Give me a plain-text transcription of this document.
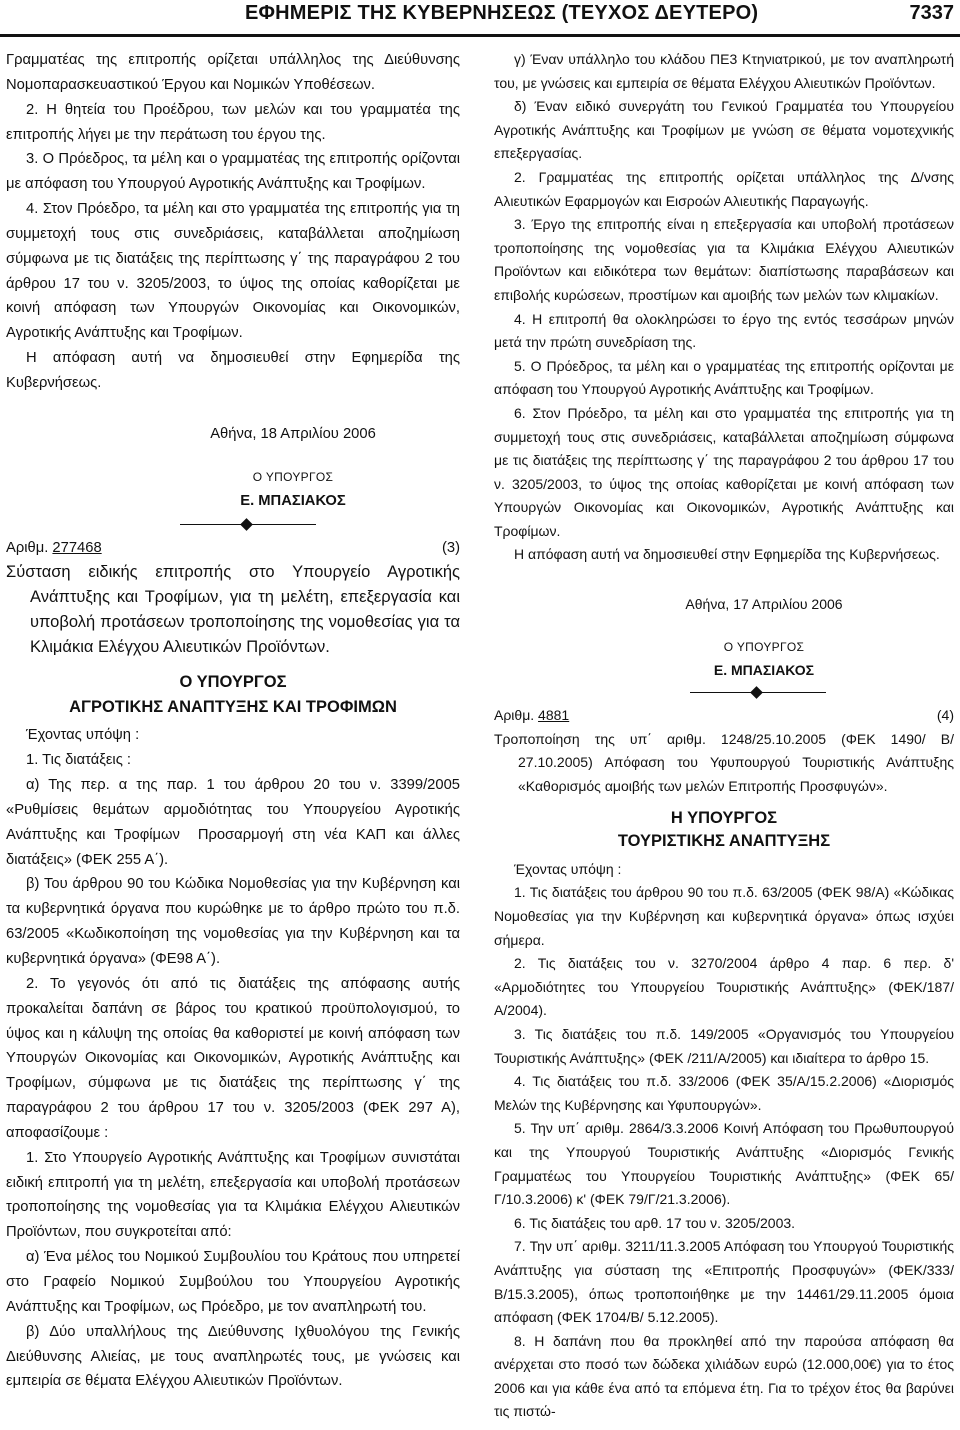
ΕΦΗΜΕΡΙΣ ΤΗΣ ΚΥΒΕΡΝΗΣΕΩΣ (ΤΕΥΧΟΣ ΔΕΥΤΕΡΟ)	7337

Γραμματέας της επιτροπής ορίζεται υπάλληλος της Διεύθυνσης Νομοπαρασκευαστικού Έργου και Νομικών Υποθέσεων.

2. Η θητεία του Προέδρου, των μελών και του γραμματέα της επιτροπής λήγει με την περάτωση του έργου της.

3. Ο Πρόεδρος, τα μέλη και ο γραμματέας της επιτροπής ορίζονται με απόφαση του Υπουργού Αγροτικής Ανάπτυξης και Τροφίμων.

4. Στον Πρόεδρο, τα μέλη και στο γραμματέα της επιτροπής για τη συμμετοχή τους στις συνεδριάσεις, καταβάλλεται αποζημίωση σύμφωνα με τις διατάξεις της περίπτωσης γ΄ της παραγράφου 2 του άρθρου 17 του ν. 3205/2003, το ύψος της οποίας καθορίζεται με κοινή απόφαση των Υπουργών Οικονομίας και Οικονομικών, Αγροτικής Ανάπτυξης και Τροφίμων.

Η απόφαση αυτή να δημοσιευθεί στην Εφημερίδα της Κυβερνήσεως.

Αθήνα, 18 Απριλίου 2006

Ο ΥΠΟΥΡΓΟΣ

Ε. ΜΠΑΣΙΑΚΟΣ

Αριθμ. 277468	(3)

Σύσταση ειδικής επιτροπής στο Υπουργείο Αγροτικής Ανάπτυξης και Τροφίμων, για τη μελέτη, επεξεργασία και υποβολή προτάσεων τροποποίησης της νομοθεσίας για τα Κλιμάκια Ελέγχου Αλιευτικών Προϊόντων.

Ο ΥΠΟΥΡΓΟΣ

ΑΓΡΟΤΙΚΗΣ ΑΝΑΠΤΥΞΗΣ ΚΑΙ ΤΡΟΦΙΜΩΝ

Έχοντας υπόψη :

1. Τις διατάξεις :

α) Της περ. α της παρ. 1 του άρθρου 20 του ν. 3399/2005 «Ρυθμίσεις θεμάτων αρμοδιότητας του Υπουργείου Αγροτικής Ανάπτυξης και Τροφίμων Προσαρμογή στη νέα ΚΑΠ και άλλες διατάξεις» (ΦΕΚ 255 Α΄).

β) Του άρθρου 90 του Κώδικα Νομοθεσίας για την Κυβέρνηση και τα κυβερνητικά όργανα που κυρώθηκε με το άρθρο πρώτο του π.δ. 63/2005 «Κωδικοποίηση της νομοθεσίας για την Κυβέρνηση και τα κυβερνητικά όργανα» (ΦΕ98 Α΄).

2. Το γεγονός ότι από τις διατάξεις της απόφασης αυτής προκαλείται δαπάνη σε βάρος του κρατικού προϋπολογισμού, το ύψος και η κάλυψη της οποίας θα καθοριστεί με κοινή απόφαση των Υπουργών Οικονομίας και Οικονομικών, Αγροτικής Ανάπτυξης και Τροφίμων, σύμφωνα με τις διατάξεις της περίπτωσης γ΄ της παραγράφου 2 του άρθρου 17 του ν. 3205/2003 (ΦΕΚ 297 Α), αποφασίζουμε :

1. Στο Υπουργείο Αγροτικής Ανάπτυξης και Τροφίμων συνιστάται ειδική επιτροπή για τη μελέτη, επεξεργασία και υποβολή προτάσεων τροποποίησης της νομοθεσίας για τα Κλιμάκια Ελέγχου Αλιευτικών Προϊόντων, που συγκροτείται από:

α) Ένα μέλος του Νομικού Συμβουλίου του Κράτους που υπηρετεί στο Γραφείο Νομικού Συμβούλου του Υπουργείου Αγροτικής Ανάπτυξης και Τροφίμων, ως Πρόεδρο, με τον αναπληρωτή του.

β) Δύο υπαλλήλους της Διεύθυνσης Ιχθυολόγου της Γενικής Διεύθυνσης Αλιείας, με τους αναπληρωτές τους, με γνώσεις και εμπειρία σε θέματα Ελέγχου Αλιευτικών Προϊόντων.

γ) Έναν υπάλληλο του κλάδου ΠΕ3 Κτηνιατρικού, με τον αναπληρωτή του, με γνώσεις και εμπειρία σε θέματα Ελέγχου Αλιευτικών Προϊόντων.

δ) Έναν ειδικό συνεργάτη του Γενικού Γραμματέα του Υπουργείου Αγροτικής Ανάπτυξης και Τροφίμων με γνώση σε θέματα νομοτεχνικής επεξεργασίας.

2. Γραμματέας της επιτροπής ορίζεται υπάλληλος της Δ/νσης Αλιευτικών Εφαρμογών και Εισροών Αλιευτικής Παραγωγής.

3. Έργο της επιτροπής είναι η επεξεργασία και υποβολή προτάσεων τροποποίησης της νομοθεσίας για τα Κλιμάκια Ελέγχου Αλιευτικών Προϊόντων και ειδικότερα των θεμάτων: διαπίστωσης παραβάσεων και επιβολής κυρώσεων, προστίμων και αμοιβής των μελών των κλιμακίων.

4. Η επιτροπή θα ολοκληρώσει το έργο της εντός τεσσάρων μηνών μετά την πρώτη συνεδρίαση της.

5. Ο Πρόεδρος, τα μέλη και ο γραμματέας της επιτροπής ορίζονται με απόφαση του Υπουργού Αγροτικής Ανάπτυξης και Τροφίμων.

6. Στον Πρόεδρο, τα μέλη και στο γραμματέα της επιτροπής για τη συμμετοχή τους στις συνεδριάσεις, καταβάλλεται αποζημίωση σύμφωνα με τις διατάξεις της περίπτωσης γ΄ της παραγράφου 2 του άρθρου 17 του ν. 3205/2003, το ύψος της οποίας καθορίζεται με κοινή απόφαση των Υπουργών Οικονομίας και Οικονομικών, Αγροτικής Ανάπτυξης και Τροφίμων.

Η απόφαση αυτή να δημοσιευθεί στην Εφημερίδα της Κυβερνήσεως.

Αθήνα, 17 Απριλίου 2006

Ο ΥΠΟΥΡΓΟΣ

Ε. ΜΠΑΣΙΑΚΟΣ

Αριθμ. 4881	(4)

Τροποποίηση της υπ΄ αριθμ. 1248/25.10.2005 (ΦΕΚ 1490/ Β/ 27.10.2005) Απόφαση του Υφυπουργού Τουριστικής Ανάπτυξης «Καθορισμός αμοιβής των μελών Επιτροπής Προσφυγών».

Η ΥΠΟΥΡΓΟΣ

ΤΟΥΡΙΣΤΙΚΗΣ ΑΝΑΠΤΥΞΗΣ

Έχοντας υπόψη :

1. Τις διατάξεις του άρθρου 90 του π.δ. 63/2005 (ΦΕΚ 98/Α) «Κώδικας Νομοθεσίας για την Κυβέρνηση και κυβερνητικά όργανα» όπως ισχύει σήμερα.

2. Τις διατάξεις του ν. 3270/2004 άρθρο 4 παρ. 6 περ. δ' «Αρμοδιότητες του Υπουργείου Τουριστικής Ανάπτυξης» (ΦΕΚ/187/Α/2004).

3. Τις διατάξεις του π.δ. 149/2005 «Οργανισμός του Υπουργείου Τουριστικής Ανάπτυξης» (ΦΕΚ /211/Α/2005) και ιδιαίτερα το άρθρο 15.

4. Τις διατάξεις του π.δ. 33/2006 (ΦΕΚ 35/Α/15.2.2006) «Διορισμός Μελών της Κυβέρνησης και Υφυπουργών».

5. Την υπ΄ αριθμ. 2864/3.3.2006 Κοινή Απόφαση του Πρωθυπουργού και της Υπουργού Τουριστικής Ανάπτυξης «Διορισμός Γενικής Γραμματέως του Υπουργείου Τουριστικής Ανάπτυξης» (ΦΕΚ 65/Γ/10.3.2006) κ' (ΦΕΚ 79/Γ/21.3.2006).

6. Τις διατάξεις του αρθ. 17 του ν. 3205/2003.

7. Την υπ΄ αριθμ. 3211/11.3.2005 Απόφαση του Υπουργού Τουριστικής Ανάπτυξης για σύσταση της «Επιτροπής Προσφυγών» (ΦΕΚ/333/Β/15.3.2005), όπως τροποποιήθηκε με την 14461/29.11.2005 όμοια απόφαση (ΦΕΚ 1704/Β/ 5.12.2005).

8. Η δαπάνη που θα προκληθεί από την παρούσα απόφαση θα ανέρχεται στο ποσό των δώδεκα χιλιάδων ευρώ (12.000,00€) για το έτος 2006 και για κάθε ένα από τα επόμενα έτη. Για το τρέχον έτος θα βαρύνει τις πιστώ-
